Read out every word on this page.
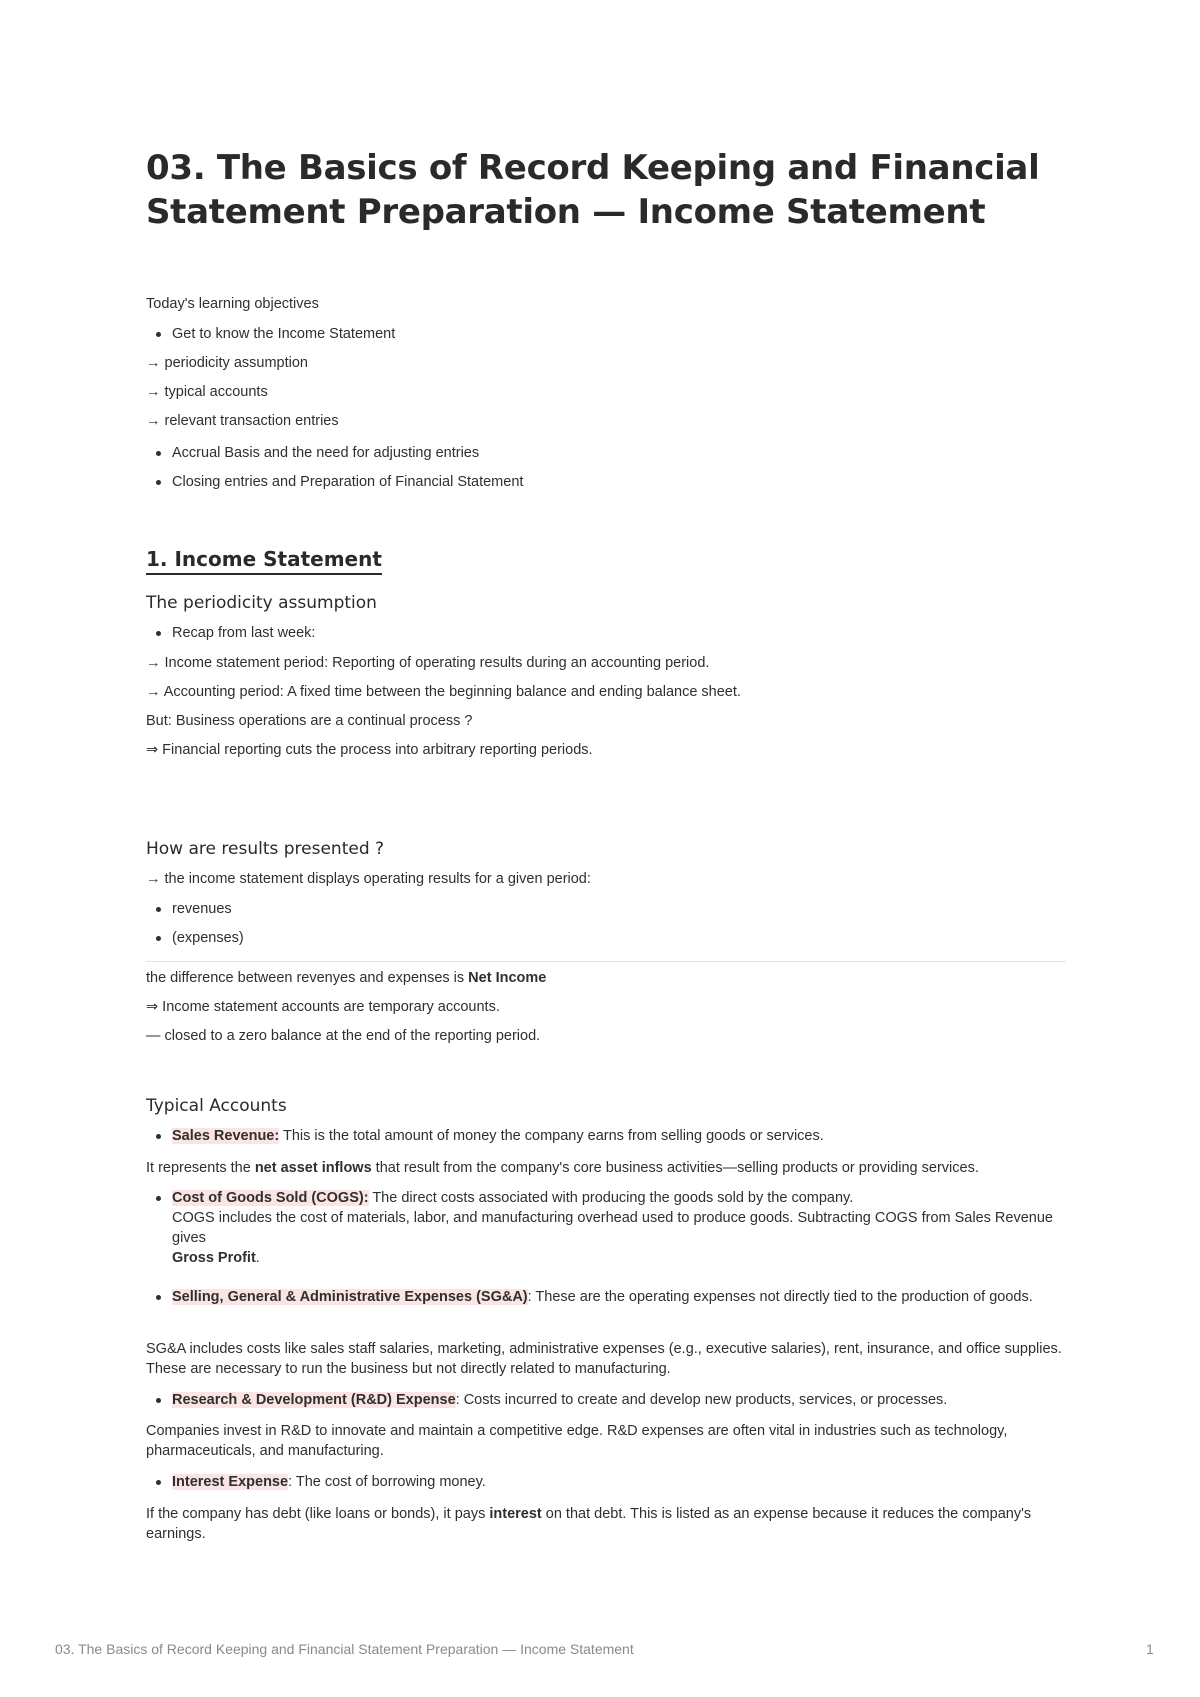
03. The Basics of Record Keeping and Financial Statement Preparation — Income Statement

Today's learning objectives

Get to know the Income Statement

→ periodicity assumption

→ typical accounts

→ relevant transaction entries

Accrual Basis and the need for adjusting entries

Closing entries and Preparation of Financial Statement

1. Income Statement

The periodicity assumption

Recap from last week:

→ Income statement period: Reporting of operating results during an accounting period.

→ Accounting period: A fixed time between the beginning balance and ending balance sheet.

But: Business operations are a continual process ?

⇒ Financial reporting cuts the process into arbitrary reporting periods.

How are results presented ?

→ the income statement displays operating results for a given period:

revenues

(expenses)

the difference between revenyes and expenses is Net Income

⇒ Income statement accounts are temporary accounts.

— closed to a zero balance at the end of the reporting period.

Typical Accounts

Sales Revenue: This is the total amount of money the company earns from selling goods or services.

It represents the net asset inflows that result from the company's core business activities—selling products or providing services.

Cost of Goods Sold (COGS): The direct costs associated with producing the goods sold by the company.
COGS includes the cost of materials, labor, and manufacturing overhead used to produce goods. Subtracting COGS from Sales Revenue gives
Gross Profit.

Selling, General & Administrative Expenses (SG&A): These are the operating expenses not directly tied to the production of goods.

SG&A includes costs like sales staff salaries, marketing, administrative expenses (e.g., executive salaries), rent, insurance, and office supplies. These are necessary to run the business but not directly related to manufacturing.

Research & Development (R&D) Expense: Costs incurred to create and develop new products, services, or processes.

Companies invest in R&D to innovate and maintain a competitive edge. R&D expenses are often vital in industries such as technology, pharmaceuticals, and manufacturing.

Interest Expense: The cost of borrowing money.

If the company has debt (like loans or bonds), it pays interest on that debt. This is listed as an expense because it reduces the company's earnings.

03. The Basics of Record Keeping and Financial Statement Preparation — Income Statement	1
